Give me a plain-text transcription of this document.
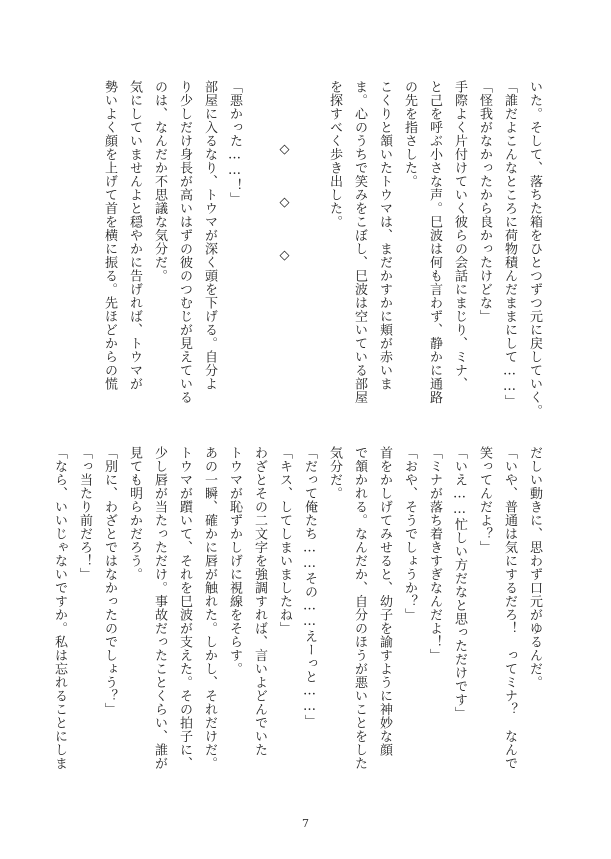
いた。そして、落ちた箱をひとつずつ元に戻していく。
「誰だよこんなところに荷物積んだままにして……」
「怪我がなかったから良かったけどな」
手際よく片付けていく彼らの会話にまじり、ミナ、
と己を呼ぶ小さな声。巳波は何も言わず、静かに通路
の先を指さした。
こくりと頷いたトウマは、まだかすかに頬が赤いま
ま。心のうちで笑みをこぼし、巳波は空いている部屋
を探すべく歩き出した。

◇◇◇

「悪かった……！」
部屋に入るなり、トウマが深く頭を下げる。自分よ
り少しだけ身長が高いはずの彼のつむじが見えている
のは、なんだか不思議な気分だ。
気にしていませんよと穏やかに告げれば、トウマが
勢いよく顔を上げて首を横に振る。先ほどからの慌
だしい動きに、思わず口元がゆるんだ。
「いや、普通は気にするだろ！　ってミナ？　なんで
笑ってんだよ？」
「いえ……忙しい方だなと思っただけです」
「ミナが落ち着きすぎなんだよ！」
「おや、そうでしょうか？」
首をかしげてみせると、幼子を諭すように神妙な顔
で頷かれる。なんだか、自分のほうが悪いことをした
気分だ。
「だって俺たち……その……えーっと……」
「キス、してしまいましたね」
わざとその二文字を強調すれば、言いよどんでいた
トウマが恥ずかしげに視線をそらす。
あの一瞬、確かに唇が触れた。しかし、それだけだ。
トウマが躓いて、それを巳波が支えた。その拍子に、
少し唇が当たっただけ。事故だったことくらい、誰が
見ても明らかだろう。
「別に、わざとではなかったのでしょう？」
「っ当たり前だろ！」
「なら、いいじゃないですか。私は忘れることにしま
7
